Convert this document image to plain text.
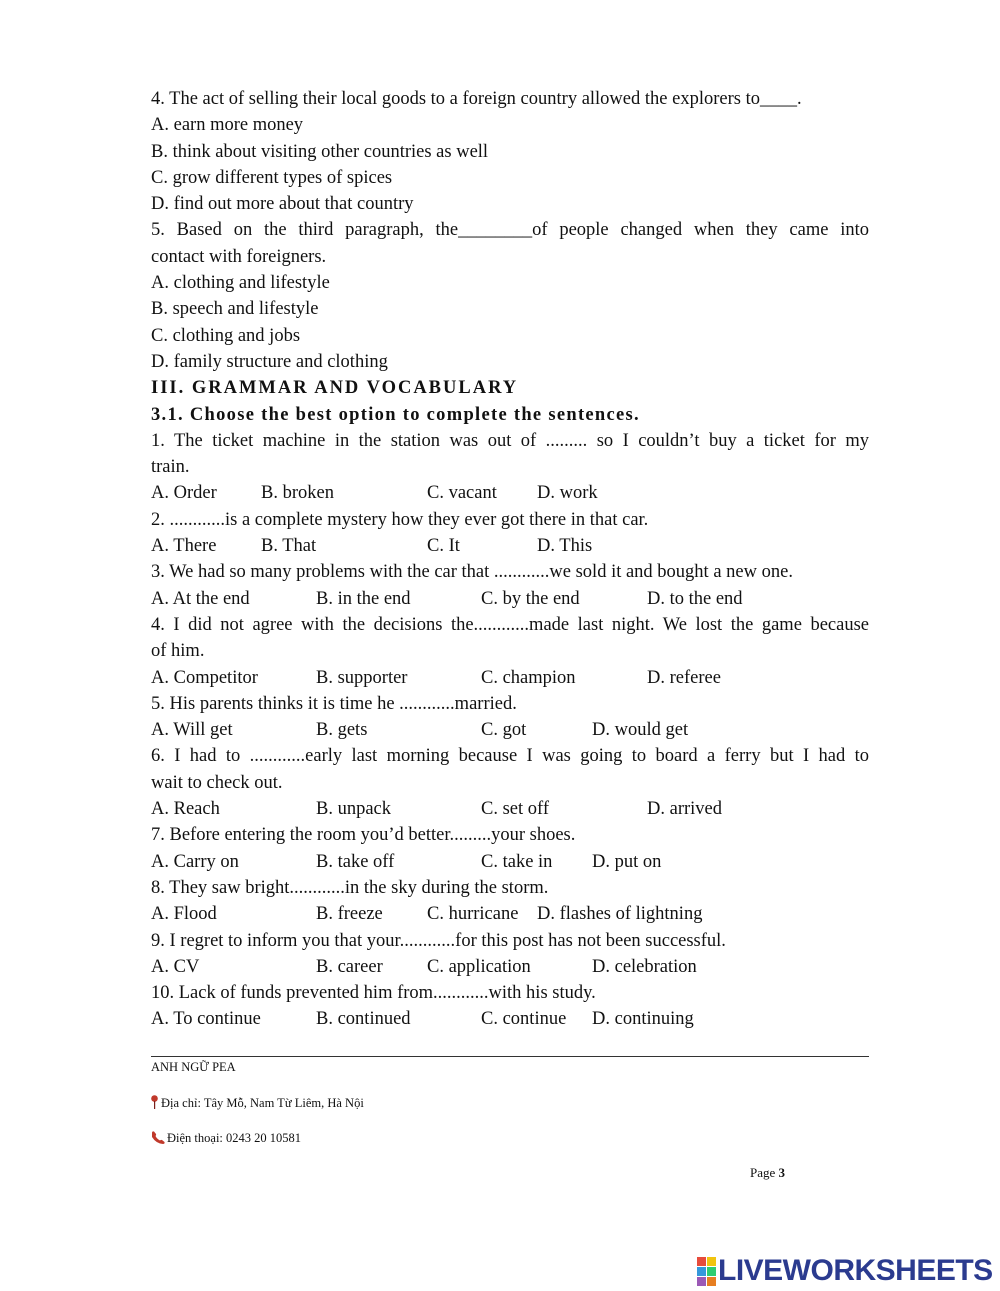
4. The act of selling their local goods to a foreign country allowed the explorers to____.
A. earn more money
B. think about visiting other countries as well
C. grow different types of spices
D. find out more about that country
5. Based on the third paragraph, the________of people changed when they came into
contact with foreigners.
A. clothing and lifestyle
B. speech and lifestyle
C. clothing and jobs
D. family structure and clothing
III. GRAMMAR AND VOCABULARY
3.1. Choose the best option to complete the sentences.
1. The ticket machine in the station was out of ......... so I couldn’t buy a ticket for my
train.
A. Order B. broken	C. vacant D. work
2. ............is a complete mystery how they ever got there in that car.
A. There B. That	C. It	D. This
3. We had so many problems with the car that ............we sold it and bought a new one.
A. At the end	B. in the end	C. by the end	D. to the end
4. I did not agree with the decisions the............made last night. We lost the game because
of him.
A. Competitor	B. supporter	C. champion	D. referee
5. His parents thinks it is time he ............married.
A. Will get	B. gets	C. got	D. would get
6. I had to ............early last morning because I was going to board a ferry but I had to
wait to check out.
A. Reach	B. unpack	C. set off	D. arrived
7. Before entering the room you’d better.........your shoes.
A. Carry on	B. take off	C. take in D. put on
8. They saw bright............in the sky during the storm.
A. Flood	B. freeze C. hurricane D. flashes of lightning
9. I regret to inform you that your............for this post has not been successful.
A. CV	B. career C. application	D. celebration
10. Lack of funds prevented him from............with his study.
A. To continue	B. continued	C. continue D. continuing
ANH NGỮ PEA
Địa chỉ: Tây Mỗ, Nam Từ Liêm, Hà Nội
Điện thoại: 0243 20 10581
Page 3
LIVEWORKSHEETS
